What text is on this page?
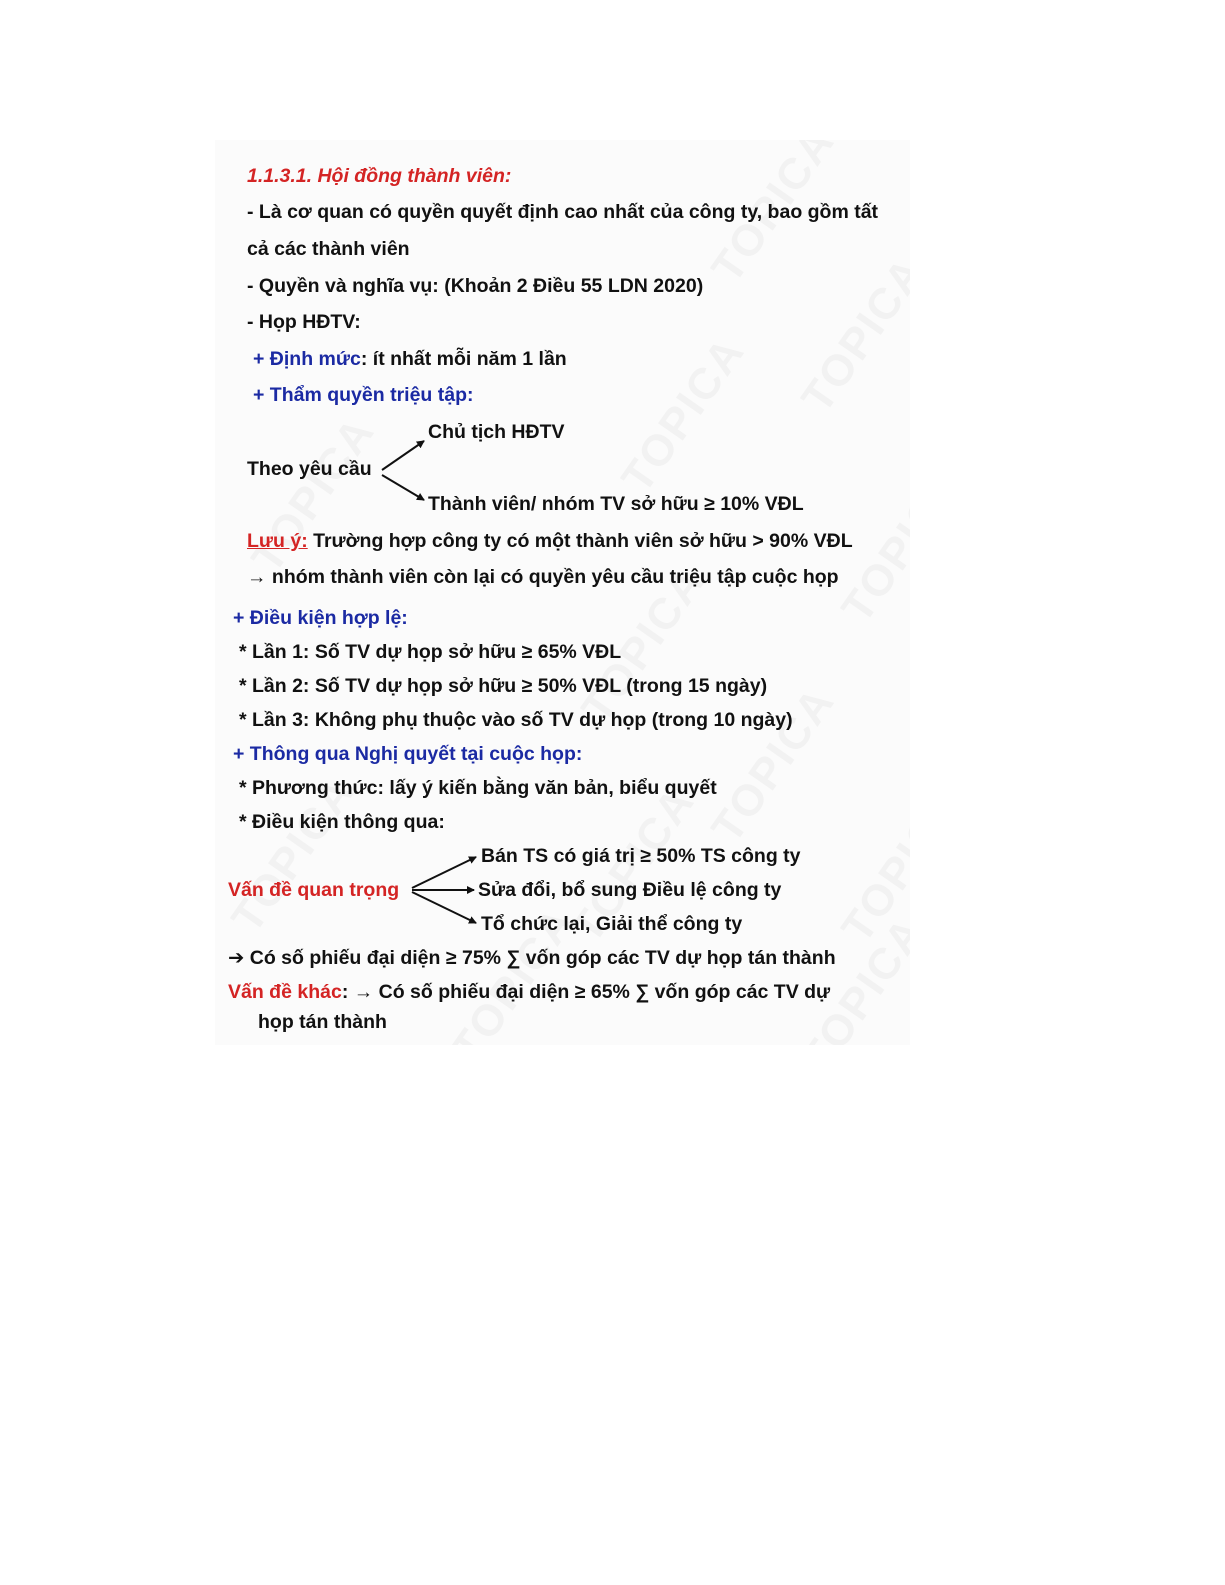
1.1.3.1. Hội đồng thành viên:
- Là cơ quan có quyền quyết định cao nhất của công ty, bao gồm tất
cả các thành viên
- Quyền và nghĩa vụ: (Khoản 2 Điều 55 LDN 2020)
- Họp HĐTV:
+ Định mức: ít nhất mỗi năm 1 lần
+ Thẩm quyền triệu tập:
Chủ tịch HĐTV
Theo yêu cầu
Thành viên/ nhóm TV sở hữu ≥ 10% VĐL
Lưu ý: Trường hợp công ty có một thành viên sở hữu > 90% VĐL
→ nhóm thành viên còn lại có quyền yêu cầu triệu tập cuộc họp
+ Điều kiện hợp lệ:
* Lần 1: Số TV dự họp sở hữu ≥ 65% VĐL
* Lần 2: Số TV dự họp sở hữu ≥ 50% VĐL (trong 15 ngày)
* Lần 3: Không phụ thuộc vào số TV dự họp (trong 10 ngày)
+ Thông qua Nghị quyết tại cuộc họp:
* Phương thức: lấy ý kiến bằng văn bản, biểu quyết
* Điều kiện thông qua:
Bán TS có giá trị ≥ 50% TS công ty
Vấn đề quan trọng	Sửa đổi, bổ sung Điều lệ công ty
Tổ chức lại, Giải thể công ty
➔ Có số phiếu đại diện ≥ 75% ∑ vốn góp các TV dự họp tán thành
Vấn đề khác: → Có số phiếu đại diện ≥ 65% ∑ vốn góp các TV dự
họp tán thành
